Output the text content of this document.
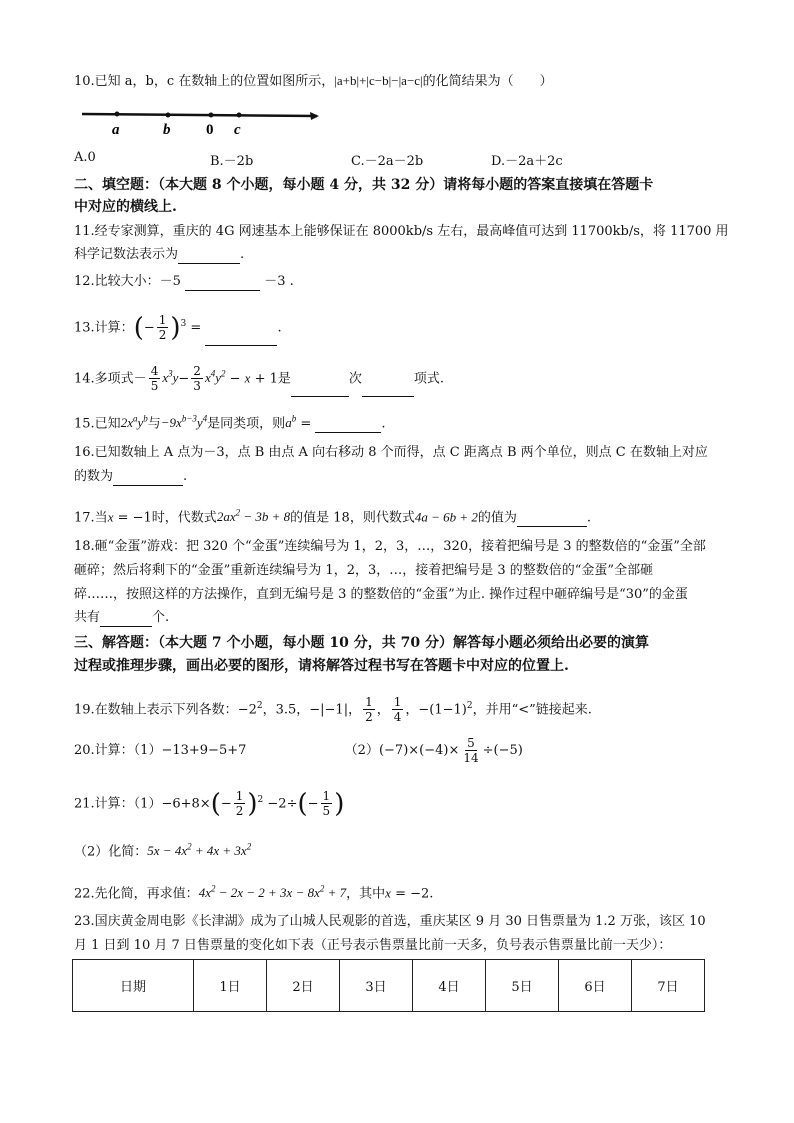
10.已知 a，b，c 在数轴上的位置如图所示，|a+b|+|c−b|−|a−c|的化简结果为（　　）
a	b 0 c
A.0	B.－2b	C.－2a－2b	D.－2a＋2c
二、填空题：（本大题 8 个小题，每小题 4 分，共 32 分）请将每小题的答案直接填在答题卡
中对应的横线上.
11.经专家测算，重庆的 4G 网速基本上能够保证在 8000kb/s 左右，最高峰值可达到 11700kb/s，将 11700 用
科学记数法表示为	.
12.比较大小：－5	－3 .
13.计算：(− $\frac{1}{2} )^3$ =	.
14.多项式－ $\frac{4}{5} x^3y- \frac{2}{3} x^4y^2 - x + 1$是	次	项式.
15.已知$2x^ay^b$与$-9x^{b-3}y^4$是同类项，则$a^b$ =	.
16.已知数轴上 A 点为－3，点 B 由点 A 向右移动 8 个而得，点 C 距离点 B 两个单位，则点 C 在数轴上对应
的数为	.
17.当x = −1时，代数式$2ax^2 - 3b + 8$的值是 18，则代数式4a − 6b + 2的值为	.
18.砸“金蛋”游戏：把 320 个“金蛋”连续编号为 1，2，3，…，320，接着把编号是 3 的整数倍的“金蛋”全部
砸碎；然后将剩下的“金蛋”重新连续编号为 1，2，3，…，接着把编号是 3 的整数倍的“金蛋”全部砸
碎……，按照这样的方法操作，直到无编号是 3 的整数倍的“金蛋”为止. 操作过程中砸碎编号是“30”的金蛋
共有	个.
三、解答题：（本大题 7 个小题，每小题 10 分，共 70 分）解答每小题必须给出必要的演算
过程或推理步骤，画出必要的图形，请将解答过程书写在答题卡中对应的位置上.
19.在数轴上表示下列各数：$-2^2$，3.5，−|−1|， $\frac{1}{2}$ ， $\frac{1}{4}$ ，$-(1-1)^2$，并用“<”链接起来.
20.计算：（1）−13+9−5+7	$(2)(-7)\times(-4)\times \frac{5}{14} \div(-5)$
21.计算：$(1)-6+8\times(- \frac{1}{2} )^2 -2\div(- \frac{1}{5}$ )
（2）化简：$5x - 4x^2 + 4x + 3x^2$
22.先化简，再求值：$4x^2 - 2x - 2 + 3x - 8x^2 + 7$，其中x = −2.
23.国庆黄金周电影《长津湖》成为了山城人民观影的首选，重庆某区 9 月 30 日售票量为 1.2 万张，该区 10
月 1 日到 10 月 7 日售票量的变化如下表（正号表示售票量比前一天多，负号表示售票量比前一天少）：
日期	1日	2日	3日	4日	5日	6日	7日
